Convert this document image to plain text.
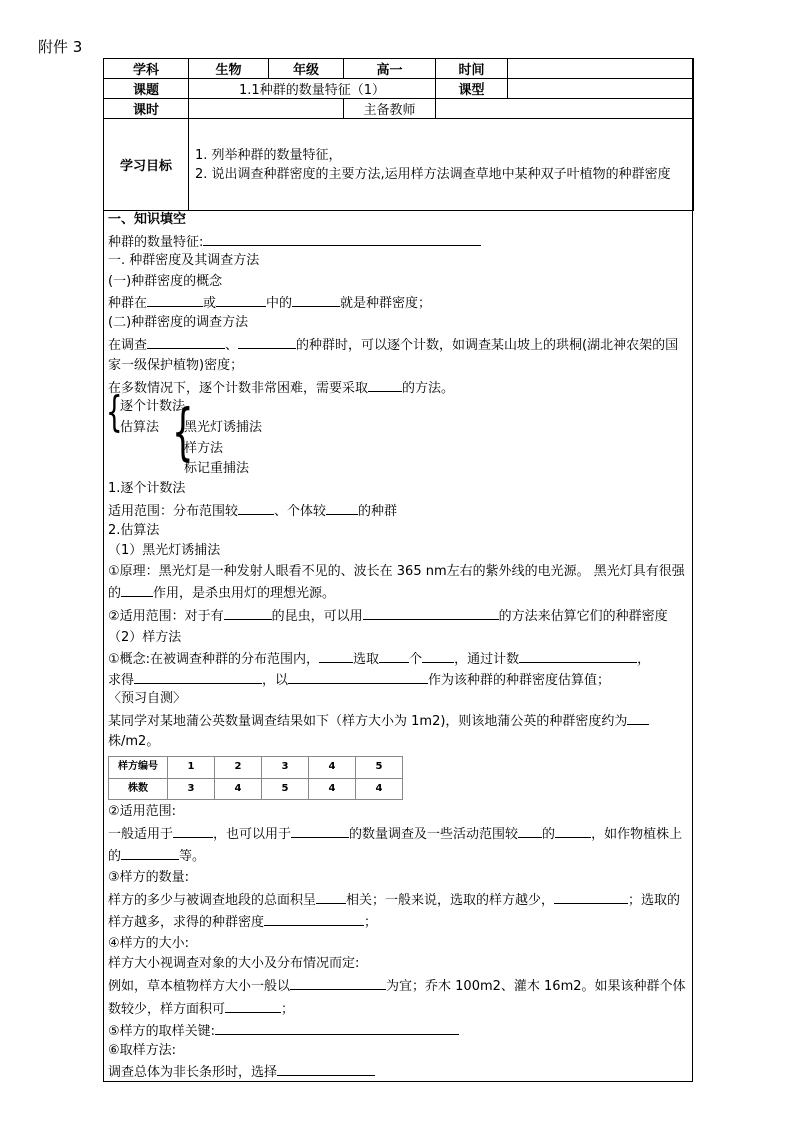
附件 3
学科	生物	年级	高一	时间	
课题	1.1种群的数量特征（1）			课型	
课时			主备教师		
学习目标	1. 列举种群的数量特征，
2. 说出调查种群密度的主要方法,运用样方法调查草地中某种双子叶植物的种群密度				
一、知识填空
种群的数量特征:
一. 种群密度及其调查方法
(一)种群密度的概念
种群在	或	中的	就是种群密度；
(二)种群密度的调查方法
在调查	、	的种群时，可以逐个计数，如调查某山坡上的珙桐(湖北神农架的国家一级保护植物)密度；
在多数情况下，逐个计数非常困难，需要采取	的方法。
{
逐个计数法
估算法 {
黑光灯诱捕法
样方法
标记重捕法
1.逐个计数法
适用范围：分布范围较	、个体较 的种群
2.估算法
（1）黑光灯诱捕法
①原理：黑光灯是一种发射人眼看不见的、波长在 365 nm左右的紫外线的电光源。 黑光灯具有很强的 作用，是杀虫用灯的理想光源。
②适用范围：对于有	的昆虫，可以用	的方法来估算它们的种群密度
（2）样方法
①概念:在被调查种群的分布范围内，	选取 个 ，通过计数	，
求得	，以	作为该种群的种群密度估算值；
〈预习自测〉
某同学对某地蒲公英数量调查结果如下（样方大小为 1m2)，则该地蒲公英的种群密度约为株/m2。
样方编号	1	2	3	4	5
株数	3	4	5	4	4
②适用范围:
一般适用于	，也可以用于	的数量调查及一些活动范围较 的	，如作物植株上的	等。
③样方的数量:
样方的多少与被调查地段的总面积呈 相关；一般来说，选取的样方越少，	；选取的样方越多，求得的种群密度	；
④样方的大小:
样方大小视调查对象的大小及分布情况而定:
例如，草本植物样方大小一般以	为宜；乔木 100m2、灌木 16m2。如果该种群个体数较少，样方面积可	；
⑤样方的取样关键:
⑥取样方法:
调查总体为非长条形时，选择
